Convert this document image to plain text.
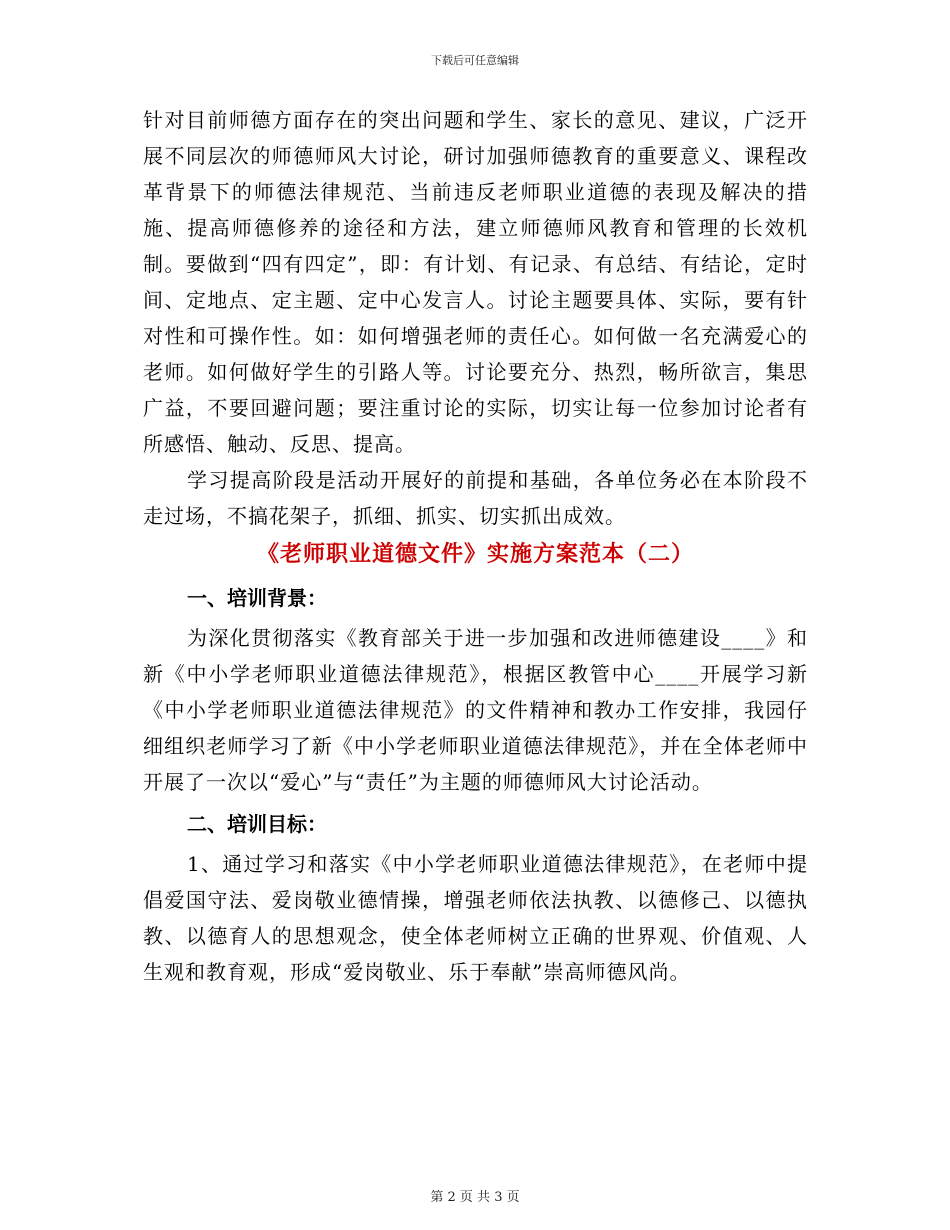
下载后可任意编辑

针对目前师德方面存在的突出问题和学生、家长的意见、建议，广泛开展不同层次的师德师风大讨论，研讨加强师德教育的重要意义、课程改革背景下的师德法律规范、当前违反老师职业道德的表现及解决的措施、提高师德修养的途径和方法，建立师德师风教育和管理的长效机制。要做到“四有四定”，即：有计划、有记录、有总结、有结论，定时间、定地点、定主题、定中心发言人。讨论主题要具体、实际，要有针对性和可操作性。如：如何增强老师的责任心。如何做一名充满爱心的老师。如何做好学生的引路人等。讨论要充分、热烈，畅所欲言，集思广益，不要回避问题；要注重讨论的实际，切实让每一位参加讨论者有所感悟、触动、反思、提高。

学习提高阶段是活动开展好的前提和基础，各单位务必在本阶段不走过场，不搞花架子，抓细、抓实、切实抓出成效。

《老师职业道德文件》实施方案范本（二）
一、培训背景：

为深化贯彻落实《教育部关于进一步加强和改进师德建设____》和新《中小学老师职业道德法律规范》，根据区教管中心____开展学习新《中小学老师职业道德法律规范》的文件精神和教办工作安排，我园仔细组织老师学习了新《中小学老师职业道德法律规范》，并在全体老师中开展了一次以“爱心”与“责任”为主题的师德师风大讨论活动。

二、培训目标：

1、通过学习和落实《中小学老师职业道德法律规范》，在老师中提倡爱国守法、爱岗敬业德情操，增强老师依法执教、以德修己、以德执教、以德育人的思想观念，使全体老师树立正确的世界观、价值观、人生观和教育观，形成“爱岗敬业、乐于奉献”崇高师德风尚。

第 2 页 共 3 页
